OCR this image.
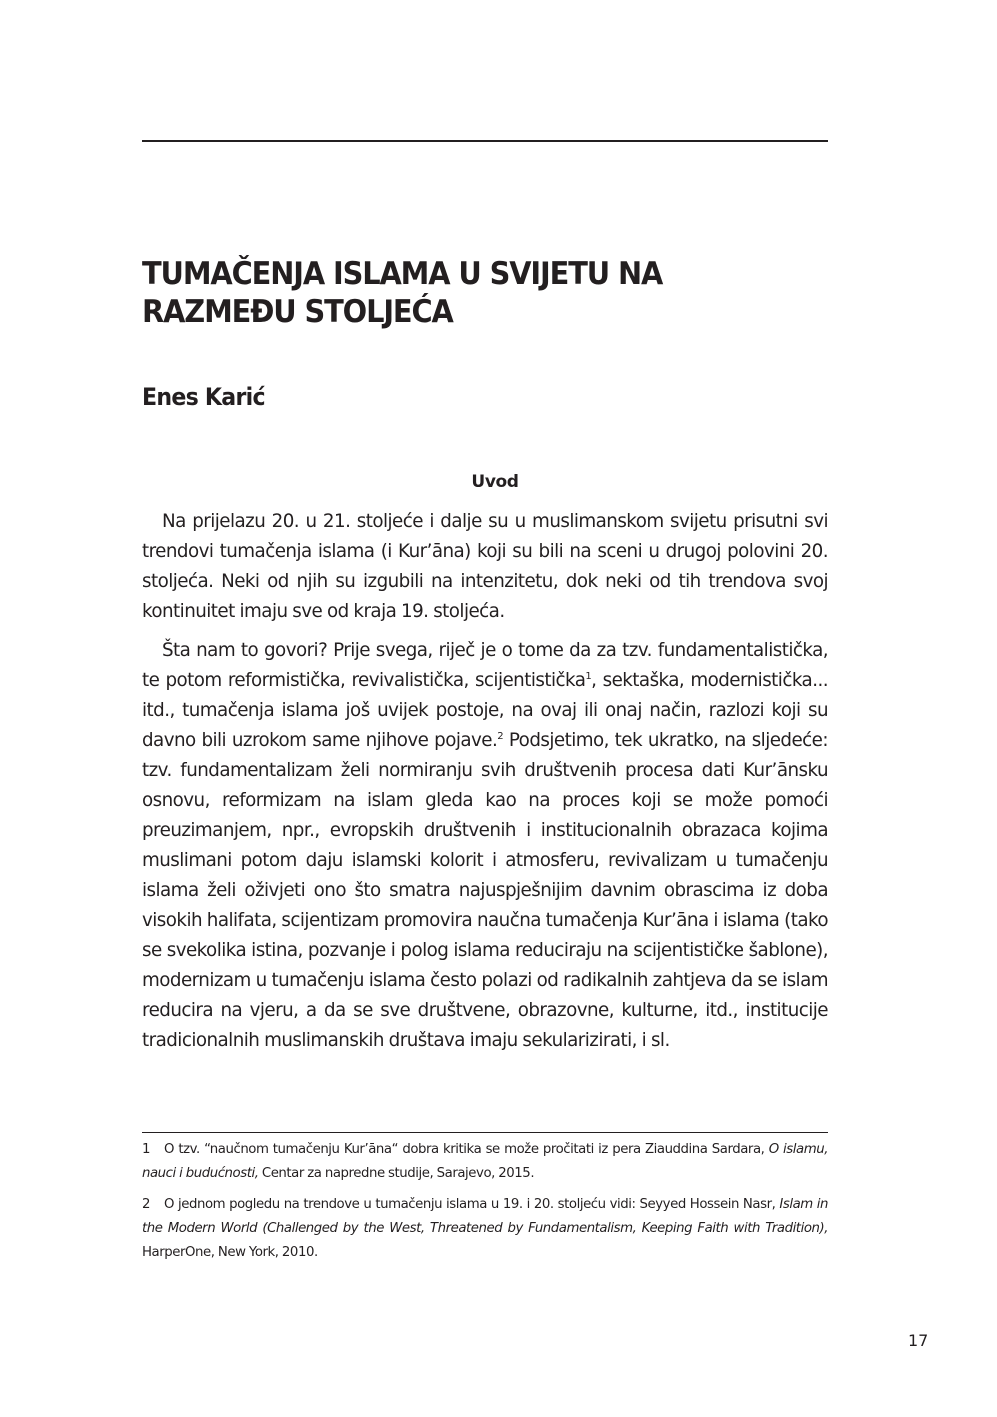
TUMAČENJA ISLAMA U SVIJETU NA
RAZMEĐU STOLJEĆA
Enes Karić
Uvod

Na prijelazu 20. u 21. stoljeće i dalje su u muslimanskom svijetu prisutni svi trendovi tumačenja islama (i Kur’āna) koji su bili na sceni u drugoj polovini 20. stoljeća. Neki od njih su izgubili na intenzitetu, dok neki od tih trendova svoj kontinuitet imaju sve od kraja 19. stoljeća.

Šta nam to govori? Prije svega, riječ je o tome da za tzv. fundamentalistička, te potom reformistička, revivalistička, scijentistička$^1$, sektaška, modernistička... itd., tumačenja islama još uvijek postoje, na ovaj ili onaj način, razlozi koji su davno bili uzrokom same njihove pojave.$^2$ Podsjetimo, tek ukratko, na sljedeće: tzv. fundamentalizam želi normiranju svih društvenih procesa dati Kur’ānsku osnovu, reformizam na islam gleda kao na proces koji se može pomoći preuzimanjem, npr., evropskih društvenih i institucionalnih obrazaca kojima muslimani potom daju islamski kolorit i atmosferu, revivalizam u tumačenju islama želi oživjeti ono što smatra najuspješnijim davnim obrascima iz doba visokih halifata, scijentizam promovira naučna tumačenja Kur’āna i islama (tako se svekolika istina, pozvanje i polog islama reduciraju na scijentističke šablone), modernizam u tumačenju islama često polazi od radikalnih zahtjeva da se islam reducira na vjeru, a da se sve društvene, obrazovne, kulturne, itd., institucije tradicionalnih muslimanskih društava imaju sekularizirati, i sl.

1 O tzv. “naučnom tumačenju Kur’āna“ dobra kritika se može pročitati iz pera Ziauddina Sardara, O islamu, nauci i budućnosti, Centar za napredne studije, Sarajevo, 2015.

2 O jednom pogledu na trendove u tumačenju islama u 19. i 20. stoljeću vidi: Seyyed Hossein Nasr, Islam in the Modern World (Challenged by the West, Threatened by Fundamentalism, Keeping Faith with Tradition), HarperOne, New York, 2010.

17
